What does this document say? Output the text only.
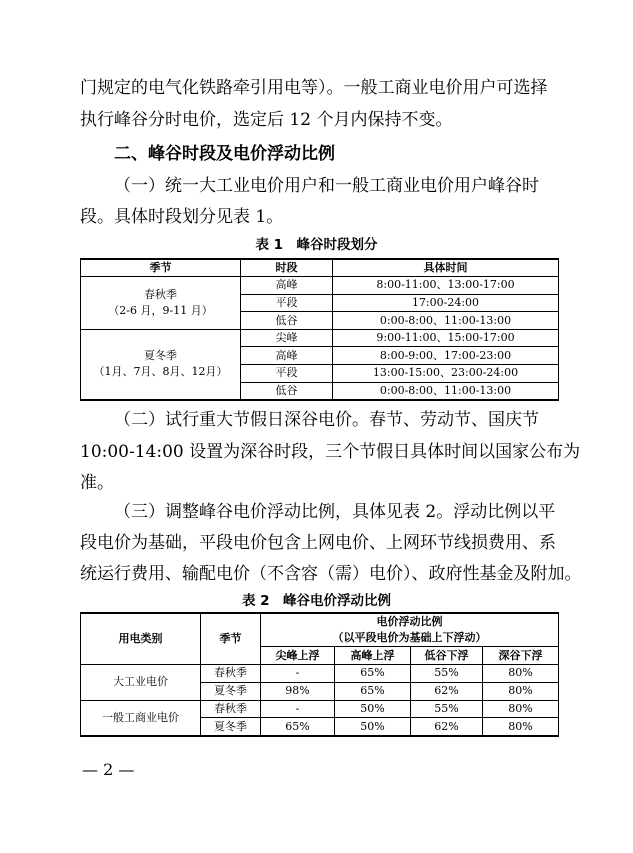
门规定的电气化铁路牵引用电等）。一般工商业电价用户可选择

执行峰谷分时电价，选定后 12 个月内保持不变。

二、峰谷时段及电价浮动比例

（一）统一大工业电价用户和一般工商业电价用户峰谷时

段。具体时段划分见表 1。

表 1　峰谷时段划分
季节	时段	具体时间

春秋季
（2-6 月，9-11 月）	高峰	8:00-11:00、13:00-17:00
	平段	17:00-24:00
	低谷	0:00-8:00、11:00-13:00

夏冬季
（1月、7月、8月、12月）	尖峰	9:00-11:00、15:00-17:00
	高峰	8:00-9:00、17:00-23:00
	平段	13:00-15:00、23:00-24:00
	低谷	0:00-8:00、11:00-13:00

（二）试行重大节假日深谷电价。春节、劳动节、国庆节

10:00-14:00 设置为深谷时段，三个节假日具体时间以国家公布为

准。

（三）调整峰谷电价浮动比例，具体见表 2。浮动比例以平

段电价为基础，平段电价包含上网电价、上网环节线损费用、系

统运行费用、输配电价（不含容（需）电价）、政府性基金及附加。

表 2　峰谷电价浮动比例
用电类别	季节	电价浮动比例
（以平段电价为基础上下浮动）			

		尖峰上浮	高峰上浮	低谷下浮	深谷下浮
大工业电价	春秋季	-	65%	55%	80%
	夏冬季	98%	65%	62%	80%
一般工商业电价	春秋季	-	50%	55%	80%
	夏冬季	65%	50%	62%	80%
— 2 —
